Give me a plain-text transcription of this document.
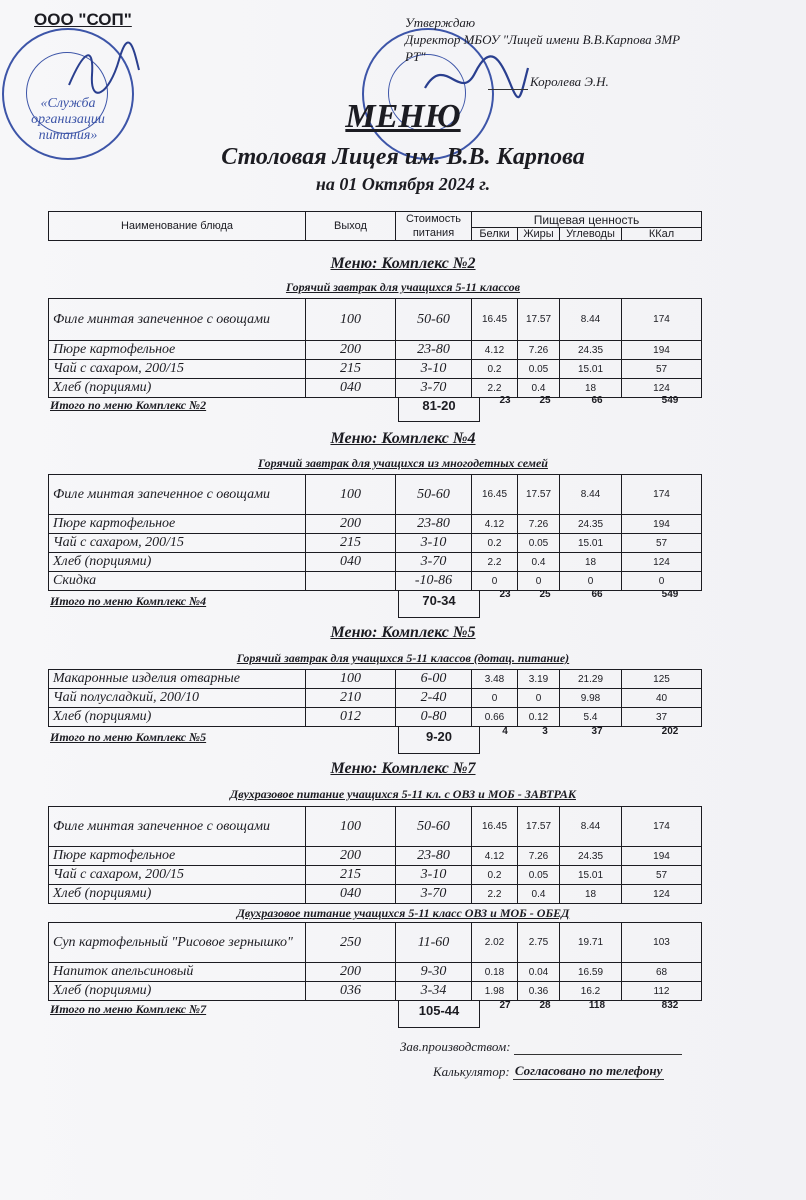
ООО "СОП"
«Служба организации питания»
Утверждаю
Директор МБОУ "Лицей имени В.В.Карпова ЗМР
РТ"
Королева Э.Н.
МЕНЮ
Столовая Лицея им. В.В. Карпова
на 01 Октября 2024 г.
Наименование блюда	Выход	Стоимость питания	Пищевая ценность			
			Белки	Жиры	Углеводы	ККал
Меню: Комплекс №2
Горячий завтрак для учащихся 5-11 классов
Филе минтая запеченное с овощами	100	50-60	16.45	17.57	8.44	174
Пюре картофельное	200	23-80	4.12	7.26	24.35	194
Чай с сахаром, 200/15	215	3-10	0.2	0.05	15.01	57
Хлеб (порциями)	040	3-70	2.2	0.4	18	124
Итого по меню Комплекс №2	81-20	23	25	66	549
Меню: Комплекс №4
Горячий завтрак для учащихся из многодетных семей
Филе минтая запеченное с овощами	100	50-60	16.45	17.57	8.44	174
Пюре картофельное	200	23-80	4.12	7.26	24.35	194
Чай с сахаром, 200/15	215	3-10	0.2	0.05	15.01	57
Хлеб (порциями)	040	3-70	2.2	0.4	18	124
Скидка		-10-86	0	0	0	0
Итого по меню Комплекс №4	70-34	23	25	66	549
Меню: Комплекс №5
Горячий завтрак для учащихся 5-11 классов (дотац. питание)
Макаронные изделия отварные	100	6-00	3.48	3.19	21.29	125
Чай полусладкий, 200/10	210	2-40	0	0	9.98	40
Хлеб (порциями)	012	0-80	0.66	0.12	5.4	37
Итого по меню Комплекс №5	9-20	4	3	37	202
Меню: Комплекс №7
Двухразовое питание учащихся 5-11 кл. с ОВЗ и МОБ - ЗАВТРАК
Филе минтая запеченное с овощами	100	50-60	16.45	17.57	8.44	174
Пюре картофельное	200	23-80	4.12	7.26	24.35	194
Чай с сахаром, 200/15	215	3-10	0.2	0.05	15.01	57
Хлеб (порциями)	040	3-70	2.2	0.4	18	124
Двухразовое питание учащихся 5-11 класс ОВЗ и МОБ - ОБЕД
Суп картофельный "Рисовое зернышко"	250	11-60	2.02	2.75	19.71	103
Напиток апельсиновый	200	9-30	0.18	0.04	16.59	68
Хлеб (порциями)	036	3-34	1.98	0.36	16.2	112
Итого по меню Комплекс №7	105-44	27	28	118	832
Зав.производством:
Калькулятор: Согласовано по телефону
